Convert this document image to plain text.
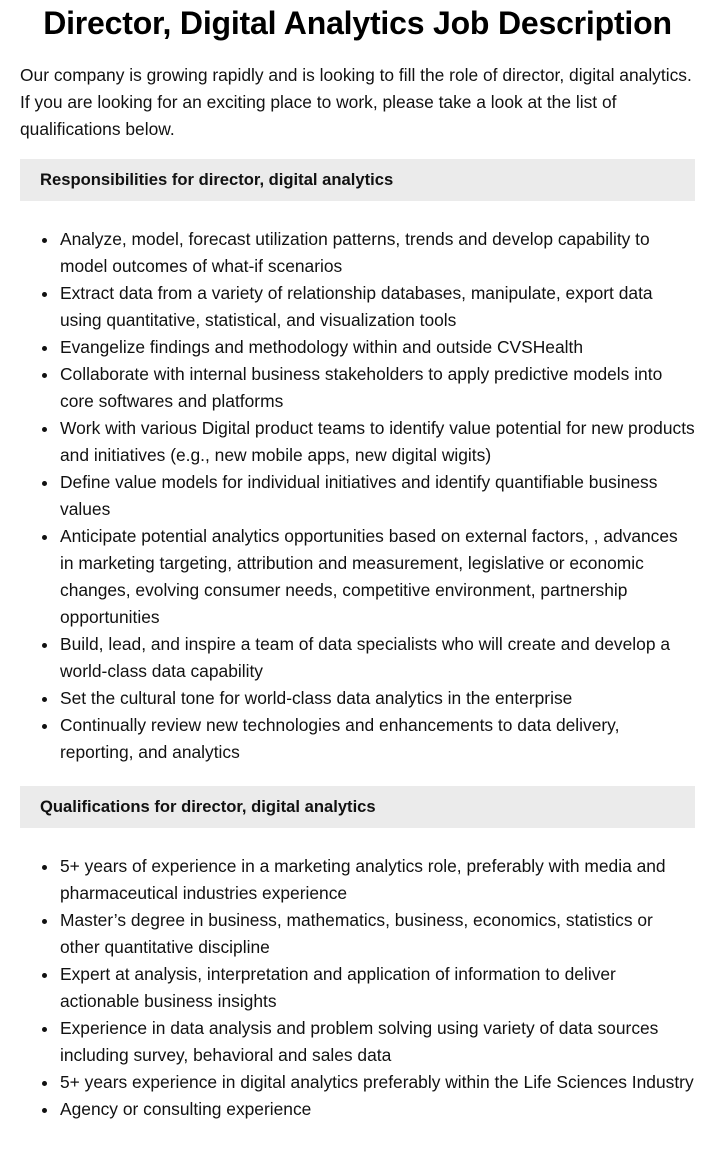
Director, Digital Analytics Job Description

Our company is growing rapidly and is looking to fill the role of director, digital analytics. If you are looking for an exciting place to work, please take a look at the list of qualifications below.

Responsibilities for director, digital analytics
Analyze, model, forecast utilization patterns, trends and develop capability to model outcomes of what-if scenarios
Extract data from a variety of relationship databases, manipulate, export data using quantitative, statistical, and visualization tools
Evangelize findings and methodology within and outside CVSHealth
Collaborate with internal business stakeholders to apply predictive models into core softwares and platforms
Work with various Digital product teams to identify value potential for new products and initiatives (e.g., new mobile apps, new digital wigits)
Define value models for individual initiatives and identify quantifiable business values
Anticipate potential analytics opportunities based on external factors, , advances in marketing targeting, attribution and measurement, legislative or economic changes, evolving consumer needs, competitive environment, partnership opportunities
Build, lead, and inspire a team of data specialists who will create and develop a world-class data capability
Set the cultural tone for world-class data analytics in the enterprise
Continually review new technologies and enhancements to data delivery, reporting, and analytics
Qualifications for director, digital analytics
5+ years of experience in a marketing analytics role, preferably with media and pharmaceutical industries experience
Master’s degree in business, mathematics, business, economics, statistics or other quantitative discipline
Expert at analysis, interpretation and application of information to deliver actionable business insights
Experience in data analysis and problem solving using variety of data sources including survey, behavioral and sales data
5+ years experience in digital analytics preferably within the Life Sciences Industry
Agency or consulting experience
